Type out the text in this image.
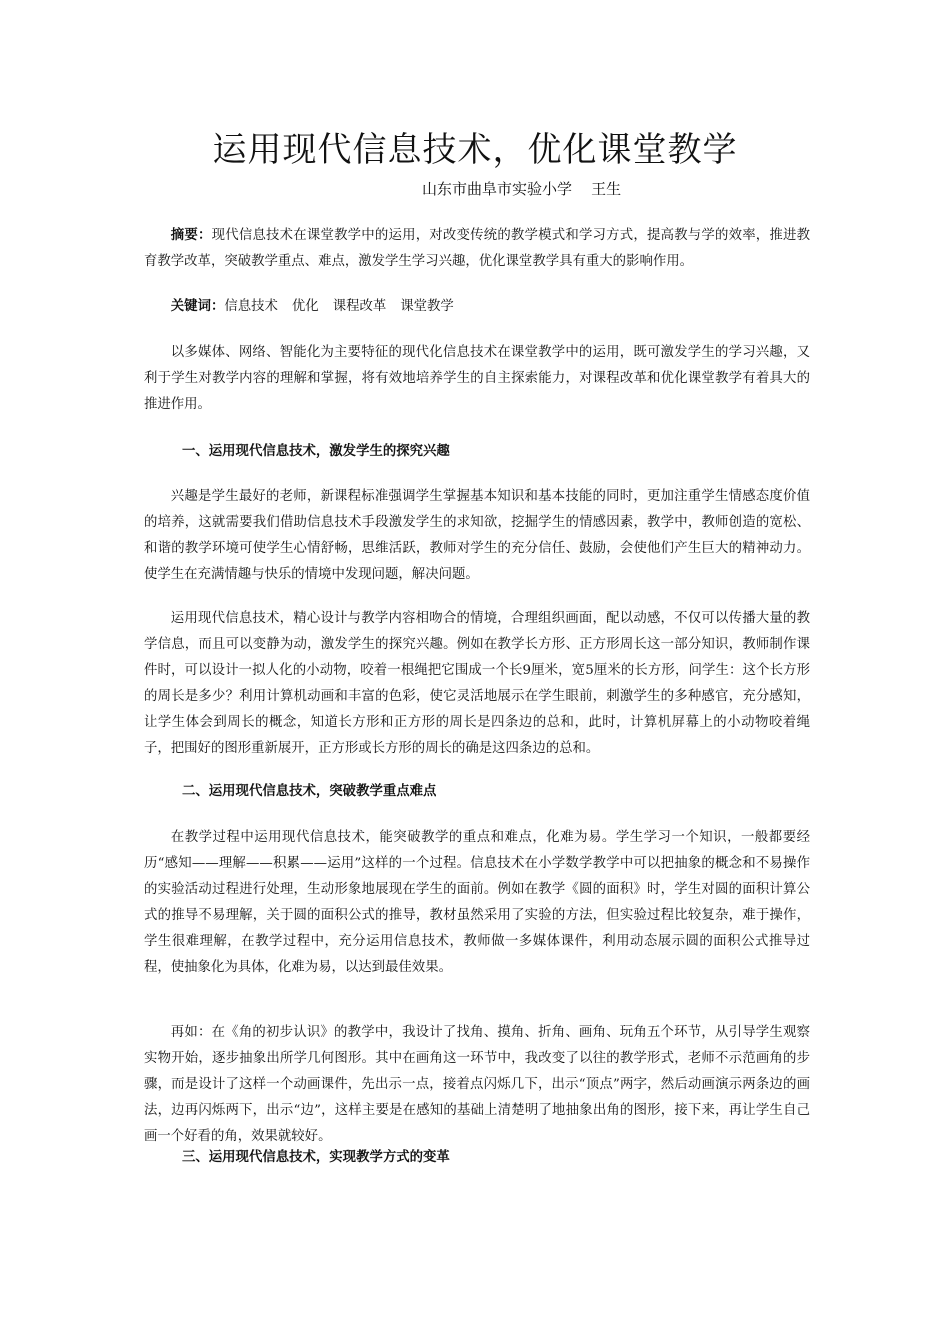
运用现代信息技术，优化课堂教学
山东市曲阜市实验小学    王生

摘要：现代信息技术在课堂教学中的运用，对改变传统的教学模式和学习方式，提高教与学的效率，推进教育教学改革，突破教学重点、难点，激发学生学习兴趣，优化课堂教学具有重大的影响作用。

关键词：信息技术 优化 课程改革 课堂教学

以多媒体、网络、智能化为主要特征的现代化信息技术在课堂教学中的运用，既可激发学生的学习兴趣，又利于学生对教学内容的理解和掌握，将有效地培养学生的自主探索能力，对课程改革和优化课堂教学有着具大的推进作用。

一、运用现代信息技术，激发学生的探究兴趣

兴趣是学生最好的老师，新课程标准强调学生掌握基本知识和基本技能的同时，更加注重学生情感态度价值的培养，这就需要我们借助信息技术手段激发学生的求知欲，挖掘学生的情感因素，教学中，教师创造的宽松、和谐的教学环境可使学生心情舒畅，思维活跃，教师对学生的充分信任、鼓励，会使他们产生巨大的精神动力。使学生在充满情趣与快乐的情境中发现问题，解决问题。

运用现代信息技术，精心设计与教学内容相吻合的情境，合理组织画面，配以动感，不仅可以传播大量的教学信息，而且可以变静为动，激发学生的探究兴趣。例如在教学长方形、正方形周长这一部分知识，教师制作课件时，可以设计一拟人化的小动物，咬着一根绳把它围成一个长9厘米，宽5厘米的长方形，问学生：这个长方形的周长是多少？利用计算机动画和丰富的色彩，使它灵活地展示在学生眼前，刺激学生的多种感官，充分感知，让学生体会到周长的概念，知道长方形和正方形的周长是四条边的总和，此时，计算机屏幕上的小动物咬着绳子，把围好的图形重新展开，正方形或长方形的周长的确是这四条边的总和。

二、运用现代信息技术，突破教学重点难点

在教学过程中运用现代信息技术，能突破教学的重点和难点，化难为易。学生学习一个知识，一般都要经历“感知——理解——积累——运用”这样的一个过程。信息技术在小学数学教学中可以把抽象的概念和不易操作的实验活动过程进行处理，生动形象地展现在学生的面前。例如在教学《圆的面积》时，学生对圆的面积计算公式的推导不易理解，关于圆的面积公式的推导，教材虽然采用了实验的方法，但实验过程比较复杂，难于操作，学生很难理解，在教学过程中，充分运用信息技术，教师做一多媒体课件，利用动态展示圆的面积公式推导过程，使抽象化为具体，化难为易，以达到最佳效果。

再如：在《角的初步认识》的教学中，我设计了找角、摸角、折角、画角、玩角五个环节，从引导学生观察实物开始，逐步抽象出所学几何图形。其中在画角这一环节中，我改变了以往的教学形式，老师不示范画角的步骤，而是设计了这样一个动画课件，先出示一点，接着点闪烁几下，出示“顶点”两字，然后动画演示两条边的画法，边再闪烁两下，出示“边”，这样主要是在感知的基础上清楚明了地抽象出角的图形，接下来，再让学生自己画一个好看的角，效果就较好。

三、运用现代信息技术，实现教学方式的变革
